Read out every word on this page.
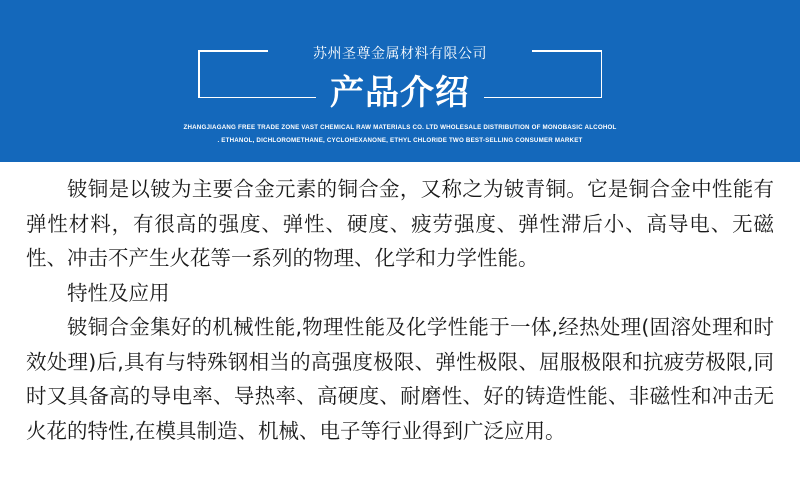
苏州圣尊金属材料有限公司
产品介绍
ZHANGJIAGANG FREE TRADE ZONE VAST CHEMICAL RAW MATERIALS CO. LTD WHOLESALE DISTRIBUTION OF MONOBASIC ALCOHOL
. ETHANOL, DICHLOROMETHANE, CYCLOHEXANONE, ETHYL CHLORIDE TWO BEST-SELLING CONSUMER MARKET

铍铜是以铍为主要合金元素的铜合金，又称之为铍青铜。它是铜合金中性能有弹性材料，有很高的强度、弹性、硬度、疲劳强度、弹性滞后小、高导电、无磁性、冲击不产生火花等一系列的物理、化学和力学性能。

特性及应用

铍铜合金集好的机械性能,物理性能及化学性能于一体,经热处理(固溶处理和时效处理)后,具有与特殊钢相当的高强度极限、弹性极限、屈服极限和抗疲劳极限,同时又具备高的导电率、导热率、高硬度、耐磨性、好的铸造性能、非磁性和冲击无火花的特性,在模具制造、机械、电子等行业得到广泛应用。
